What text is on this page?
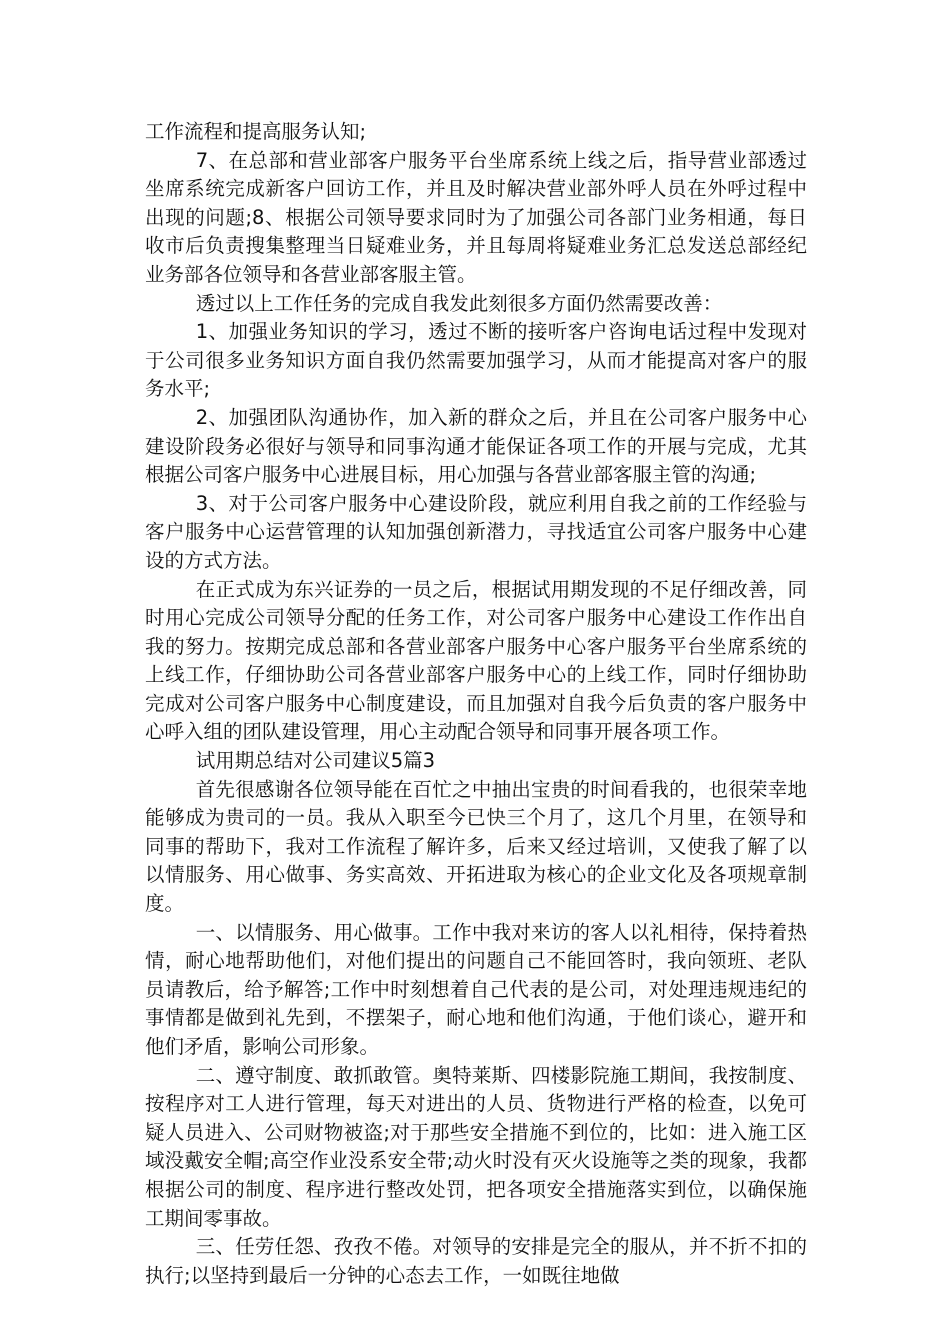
工作流程和提高服务认知;

7、在总部和营业部客户服务平台坐席系统上线之后，指导营业部透过坐席系统完成新客户回访工作，并且及时解决营业部外呼人员在外呼过程中出现的问题;8、根据公司领导要求同时为了加强公司各部门业务相通，每日收市后负责搜集整理当日疑难业务，并且每周将疑难业务汇总发送总部经纪业务部各位领导和各营业部客服主管。

透过以上工作任务的完成自我发此刻很多方面仍然需要改善：

1、加强业务知识的学习，透过不断的接听客户咨询电话过程中发现对于公司很多业务知识方面自我仍然需要加强学习，从而才能提高对客户的服务水平;

2、加强团队沟通协作，加入新的群众之后，并且在公司客户服务中心建设阶段务必很好与领导和同事沟通才能保证各项工作的开展与完成，尤其根据公司客户服务中心进展目标，用心加强与各营业部客服主管的沟通;

3、对于公司客户服务中心建设阶段，就应利用自我之前的工作经验与客户服务中心运营管理的认知加强创新潜力，寻找适宜公司客户服务中心建设的方式方法。

在正式成为东兴证券的一员之后，根据试用期发现的不足仔细改善，同时用心完成公司领导分配的任务工作，对公司客户服务中心建设工作作出自我的努力。按期完成总部和各营业部客户服务中心客户服务平台坐席系统的上线工作，仔细协助公司各营业部客户服务中心的上线工作，同时仔细协助完成对公司客户服务中心制度建设，而且加强对自我今后负责的客户服务中心呼入组的团队建设管理，用心主动配合领导和同事开展各项工作。

试用期总结对公司建议5篇3

首先很感谢各位领导能在百忙之中抽出宝贵的时间看我的，也很荣幸地能够成为贵司的一员。我从入职至今已快三个月了，这几个月里，在领导和同事的帮助下，我对工作流程了解许多，后来又经过培训，又使我了解了以以情服务、用心做事、务实高效、开拓进取为核心的企业文化及各项规章制度。

一、以情服务、用心做事。工作中我对来访的客人以礼相待，保持着热情，耐心地帮助他们，对他们提出的问题自己不能回答时，我向领班、老队员请教后，给予解答;工作中时刻想着自己代表的是公司，对处理违规违纪的事情都是做到礼先到，不摆架子，耐心地和他们沟通，于他们谈心，避开和他们矛盾，影响公司形象。

二、遵守制度、敢抓敢管。奥特莱斯、四楼影院施工期间，我按制度、按程序对工人进行管理，每天对进出的人员、货物进行严格的检查，以免可疑人员进入、公司财物被盗;对于那些安全措施不到位的，比如：进入施工区域没戴安全帽;高空作业没系安全带;动火时没有灭火设施等之类的现象，我都根据公司的制度、程序进行整改处罚，把各项安全措施落实到位，以确保施工期间零事故。

三、任劳任怨、孜孜不倦。对领导的安排是完全的服从，并不折不扣的执行;以坚持到最后一分钟的心态去工作，一如既往地做
